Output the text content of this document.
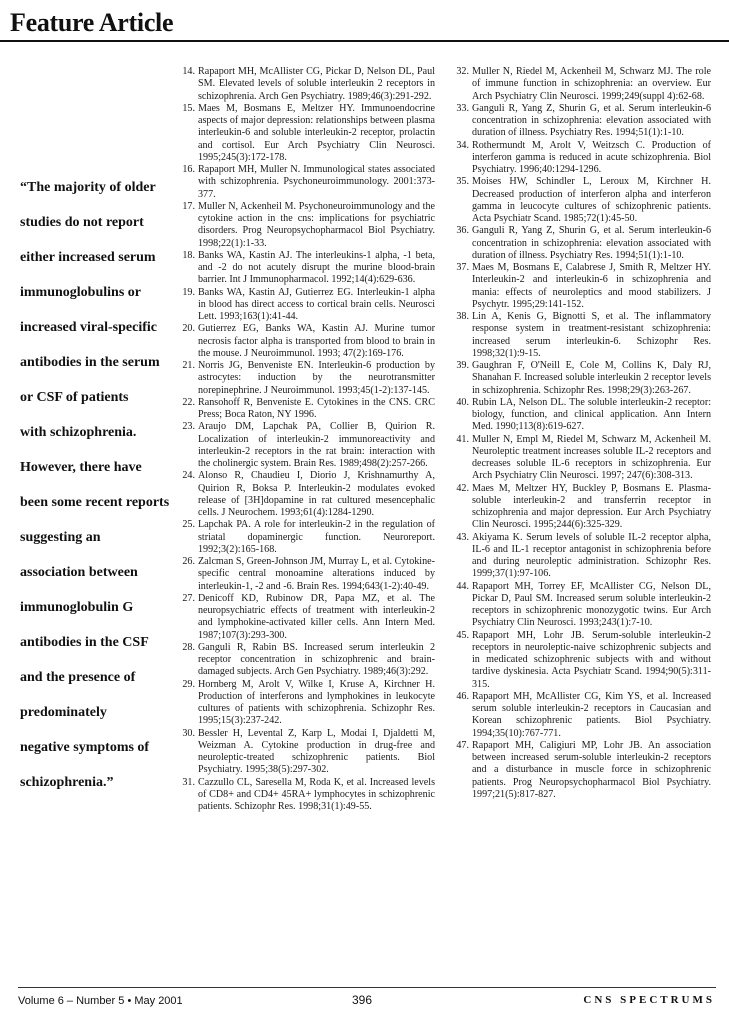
Feature Article
“The majority of older
studies do not report
either increased serum
immunoglobulins or
increased viral-specific
antibodies in the serum
or CSF of patients
with schizophrenia.
However, there have
been some recent reports
suggesting an
association between
immunoglobulin G
antibodies in the CSF
and the presence of
predominately
negative symptoms of
schizophrenia.”
14. Rapaport MH, McAllister CG, Pickar D, Nelson DL, Paul SM. Elevated levels of soluble interleukin 2 receptors in schizophrenia. Arch Gen Psychiatry. 1989;46(3):291-292.
15. Maes M, Bosmans E, Meltzer HY. Immunoendocrine aspects of major depression: relationships between plasma interleukin-6 and soluble interleukin-2 receptor, prolactin and cortisol. Eur Arch Psychiatry Clin Neurosci. 1995;245(3):172-178.
16. Rapaport MH, Muller N. Immunological states associated with schizophrenia. Psychoneuroimmunology. 2001:373-377.
17. Muller N, Ackenheil M. Psychoneuroimmunology and the cytokine action in the cns: implications for psychiatric disorders. Prog Neuropsychopharmacol Biol Psychiatry. 1998;22(1):1-33.
18. Banks WA, Kastin AJ. The interleukins-1 alpha, -1 beta, and -2 do not acutely disrupt the murine blood-brain barrier. Int J Immunopharmacol. 1992;14(4):629-636.
19. Banks WA, Kastin AJ, Gutierrez EG. Interleukin-1 alpha in blood has direct access to cortical brain cells. Neurosci Lett. 1993;163(1):41-44.
20. Gutierrez EG, Banks WA, Kastin AJ. Murine tumor necrosis factor alpha is transported from blood to brain in the mouse. J Neuroimmunol. 1993; 47(2):169-176.
21. Norris JG, Benveniste EN. Interleukin-6 production by astrocytes: induction by the neurotransmitter norepinephrine. J Neuroimmunol. 1993;45(1-2):137-145.
22. Ransohoff R, Benveniste E. Cytokines in the CNS. CRC Press; Boca Raton, NY 1996.
23. Araujo DM, Lapchak PA, Collier B, Quirion R. Localization of interleukin-2 immunoreactivity and interleukin-2 receptors in the rat brain: interaction with the cholinergic system. Brain Res. 1989;498(2):257-266.
24. Alonso R, Chaudieu I, Diorio J, Krishnamurthy A, Quirion R, Boksa P. Interleukin-2 modulates evoked release of [3H]dopamine in rat cultured mesencephalic cells. J Neurochem. 1993;61(4):1284-1290.
25. Lapchak PA. A role for interleukin-2 in the regulation of striatal dopaminergic function. Neuroreport. 1992;3(2):165-168.
26. Zalcman S, Green-Johnson JM, Murray L, et al. Cytokine-specific central monoamine alterations induced by interleukin-1, -2 and -6. Brain Res. 1994;643(1-2):40-49.
27. Denicoff KD, Rubinow DR, Papa MZ, et al. The neuropsychiatric effects of treatment with interleukin-2 and lymphokine-activated killer cells. Ann Intern Med. 1987;107(3):293-300.
28. Ganguli R, Rabin BS. Increased serum interleukin 2 receptor concentration in schizophrenic and brain-damaged subjects. Arch Gen Psychiatry. 1989;46(3):292.
29. Hornberg M, Arolt V, Wilke I, Kruse A, Kirchner H. Production of interferons and lymphokines in leukocyte cultures of patients with schizophrenia. Schizophr Res. 1995;15(3):237-242.
30. Bessler H, Levental Z, Karp L, Modai I, Djaldetti M, Weizman A. Cytokine production in drug-free and neuroleptic-treated schizophrenic patients. Biol Psychiatry. 1995;38(5):297-302.
31. Cazzullo CL, Saresella M, Roda K, et al. Increased levels of CD8+ and CD4+ 45RA+ lymphocytes in schizophrenic patients. Schizophr Res. 1998;31(1):49-55.
32. Muller N, Riedel M, Ackenheil M, Schwarz MJ. The role of immune function in schizophrenia: an overview. Eur Arch Psychiatry Clin Neurosci. 1999;249(suppl 4):62-68.
33. Ganguli R, Yang Z, Shurin G, et al. Serum interleukin-6 concentration in schizophrenia: elevation associated with duration of illness. Psychiatry Res. 1994;51(1):1-10.
34. Rothermundt M, Arolt V, Weitzsch C. Production of interferon gamma is reduced in acute schizophrenia. Biol Psychiatry. 1996;40:1294-1296.
35. Moises HW, Schindler L, Leroux M, Kirchner H. Decreased production of interferon alpha and interferon gamma in leucocyte cultures of schizophrenic patients. Acta Psychiatr Scand. 1985;72(1):45-50.
36. Ganguli R, Yang Z, Shurin G, et al. Serum interleukin-6 concentration in schizophrenia: elevation associated with duration of illness. Psychiatry Res. 1994;51(1):1-10.
37. Maes M, Bosmans E, Calabrese J, Smith R, Meltzer HY. Interleukin-2 and interleukin-6 in schizophrenia and mania: effects of neuroleptics and mood stabilizers. J Psychytr. 1995;29:141-152.
38. Lin A, Kenis G, Bignotti S, et al. The inflammatory response system in treatment-resistant schizophrenia: increased serum interleukin-6. Schizophr Res. 1998;32(1):9-15.
39. Gaughran F, O'Neill E, Cole M, Collins K, Daly RJ, Shanahan F. Increased soluble interleukin 2 receptor levels in schizophrenia. Schizophr Res. 1998;29(3):263-267.
40. Rubin LA, Nelson DL. The soluble interleukin-2 receptor: biology, function, and clinical application. Ann Intern Med. 1990;113(8):619-627.
41. Muller N, Empl M, Riedel M, Schwarz M, Ackenheil M. Neuroleptic treatment increases soluble IL-2 receptors and decreases soluble IL-6 receptors in schizophrenia. Eur Arch Psychiatry Clin Neurosci. 1997; 247(6):308-313.
42. Maes M, Meltzer HY, Buckley P, Bosmans E. Plasma-soluble interleukin-2 and transferrin receptor in schizophrenia and major depression. Eur Arch Psychiatry Clin Neurosci. 1995;244(6):325-329.
43. Akiyama K. Serum levels of soluble IL-2 receptor alpha, IL-6 and IL-1 receptor antagonist in schizophrenia before and during neuroleptic administration. Schizophr Res. 1999;37(1):97-106.
44. Rapaport MH, Torrey EF, McAllister CG, Nelson DL, Pickar D, Paul SM. Increased serum soluble interleukin-2 receptors in schizophrenic monozygotic twins. Eur Arch Psychiatry Clin Neurosci. 1993;243(1):7-10.
45. Rapaport MH, Lohr JB. Serum-soluble interleukin-2 receptors in neuroleptic-naive schizophrenic subjects and in medicated schizophrenic subjects with and without tardive dyskinesia. Acta Psychiatr Scand. 1994;90(5):311-315.
46. Rapaport MH, McAllister CG, Kim YS, et al. Increased serum soluble interleukin-2 receptors in Caucasian and Korean schizophrenic patients. Biol Psychiatry. 1994;35(10):767-771.
47. Rapaport MH, Caligiuri MP, Lohr JB. An association between increased serum-soluble interleukin-2 receptors and a disturbance in muscle force in schizophrenic patients. Prog Neuropsychopharmacol Biol Psychiatry. 1997;21(5):817-827.
Volume 6 – Number 5 • May 2001	396	CNS SPECTRUMS
